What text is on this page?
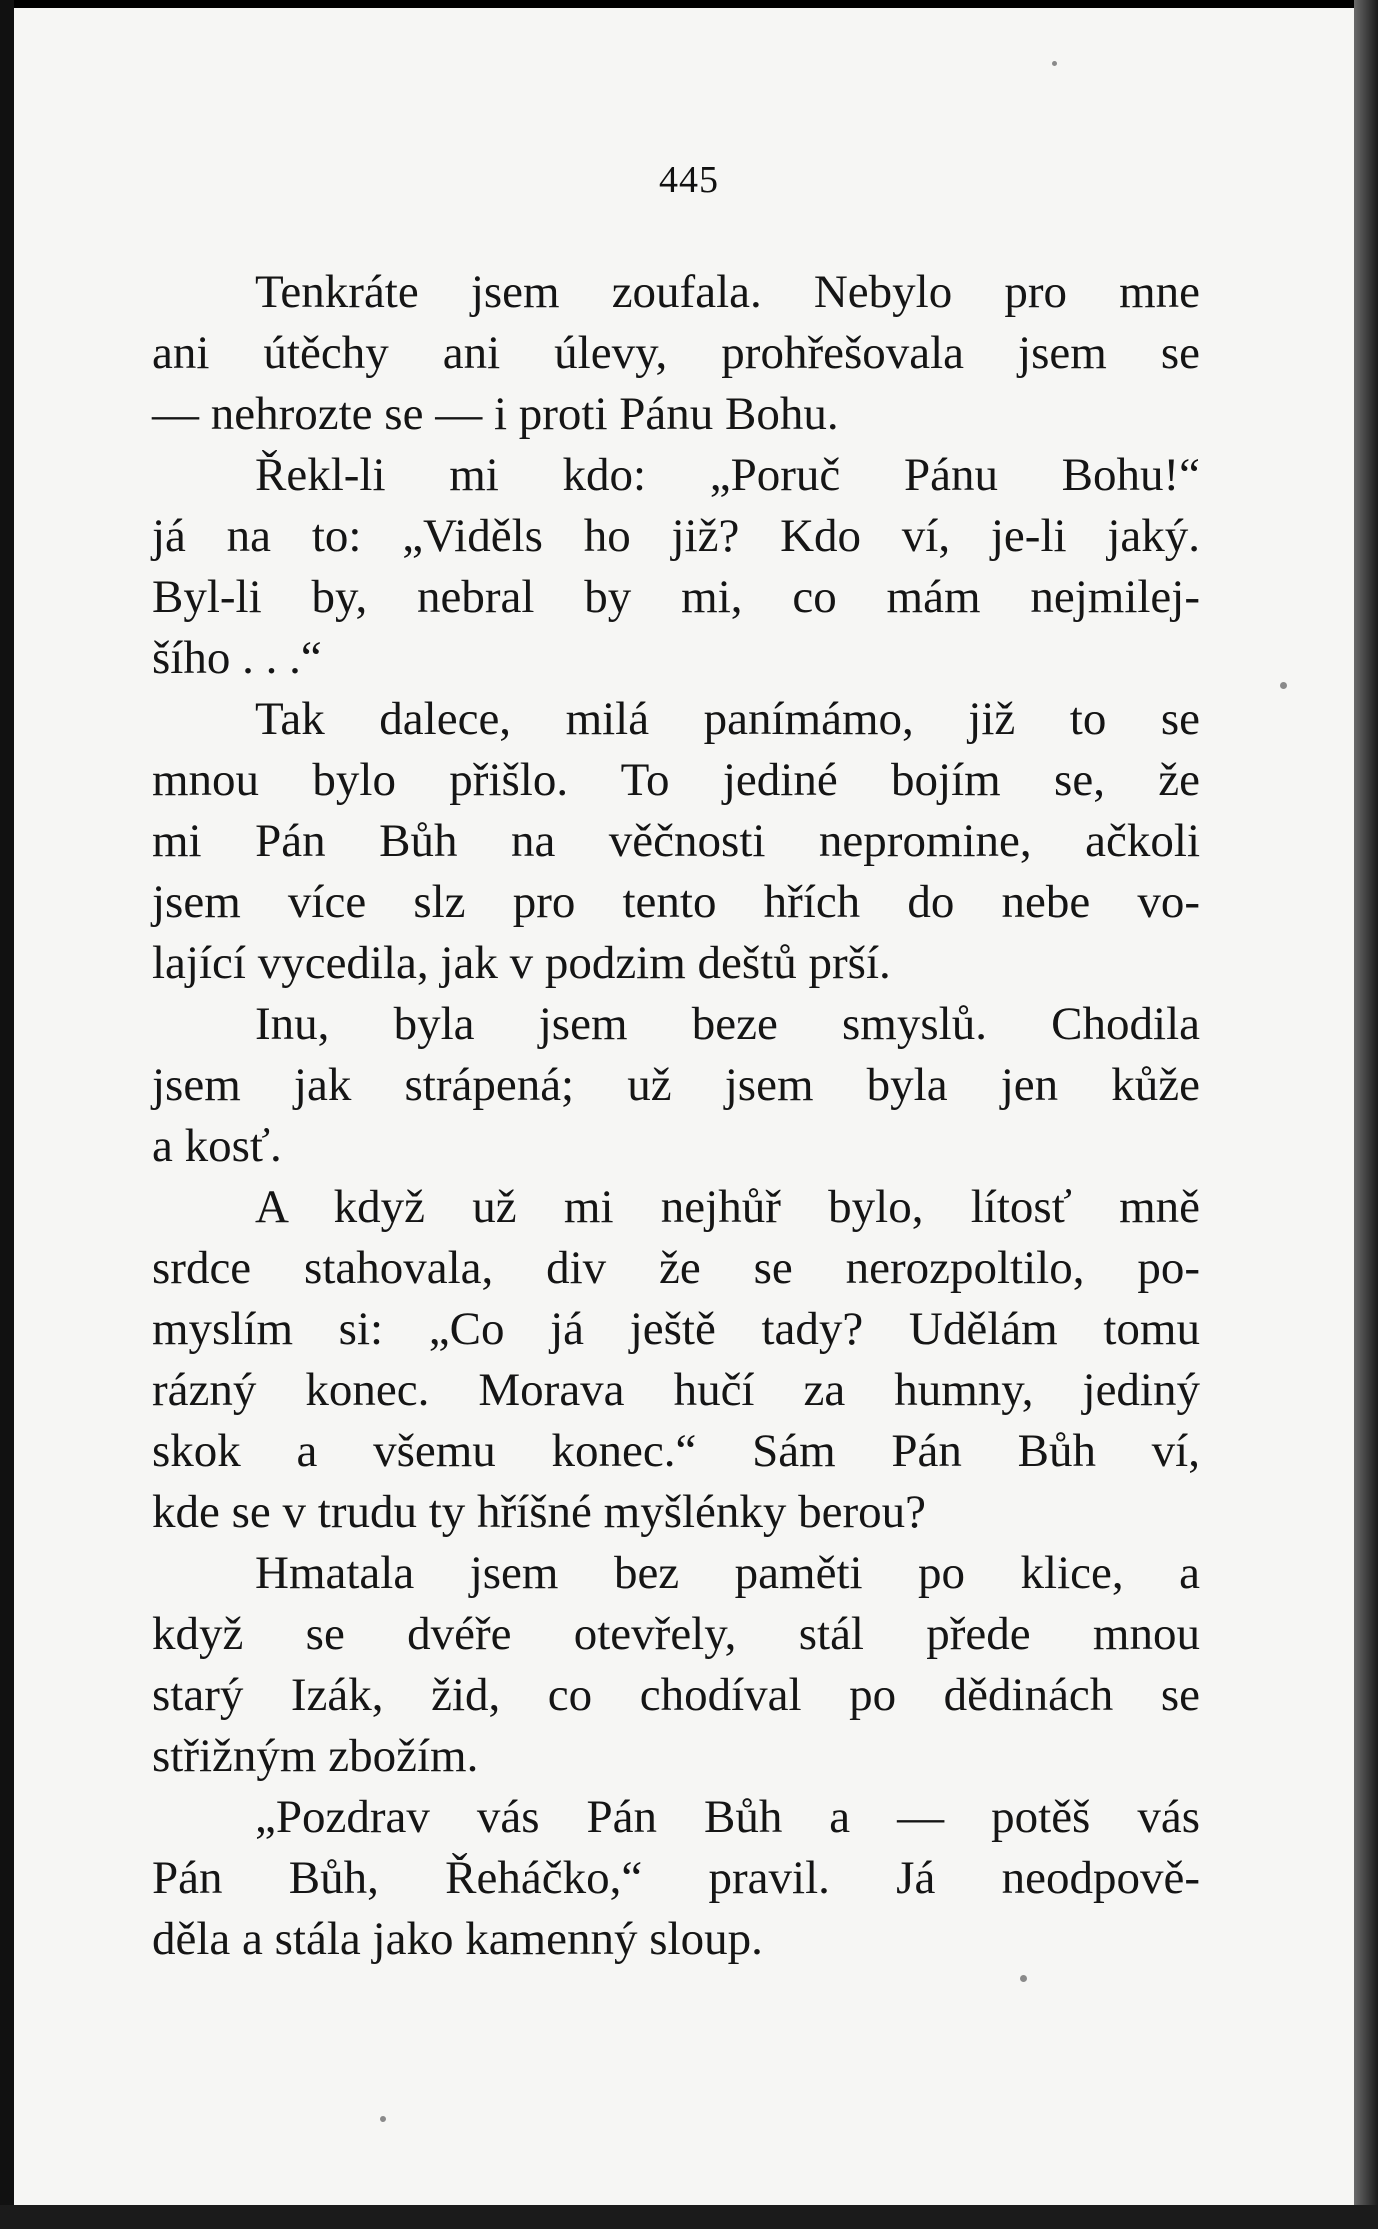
445
Tenkráte jsem zoufala. Nebylo pro mne
ani útěchy ani úlevy, prohřešovala jsem se
— nehrozte se — i proti Pánu Bohu.
Řekl-li mi kdo: „Poruč Pánu Bohu!“
já na to: „Viděls ho již? Kdo ví, je-li jaký.
Byl-li by, nebral by mi, co mám nejmilej-
šího . . .“
Tak dalece, milá panímámo, již to se
mnou bylo přišlo. To jediné bojím se, že
mi Pán Bůh na věčnosti nepromine, ačkoli
jsem více slz pro tento hřích do nebe vo-
lající vycedila, jak v podzim deštů prší.
Inu, byla jsem beze smyslů. Chodila
jsem jak strápená; už jsem byla jen kůže
a kosť.
A když už mi nejhůř bylo, lítosť mně
srdce stahovala, div že se nerozpoltilo, po-
myslím si: „Co já ještě tady? Udělám tomu
rázný konec. Morava hučí za humny, jediný
skok a všemu konec.“ Sám Pán Bůh ví,
kde se v trudu ty hříšné myšlénky berou?
Hmatala jsem bez paměti po klice, a
když se dvéře otevřely, stál přede mnou
starý Izák, žid, co chodíval po dědinách se
střižným zbožím.
„Pozdrav vás Pán Bůh a — potěš vás
Pán Bůh, Řeháčko,“ pravil. Já neodpově-
děla a stála jako kamenný sloup.
